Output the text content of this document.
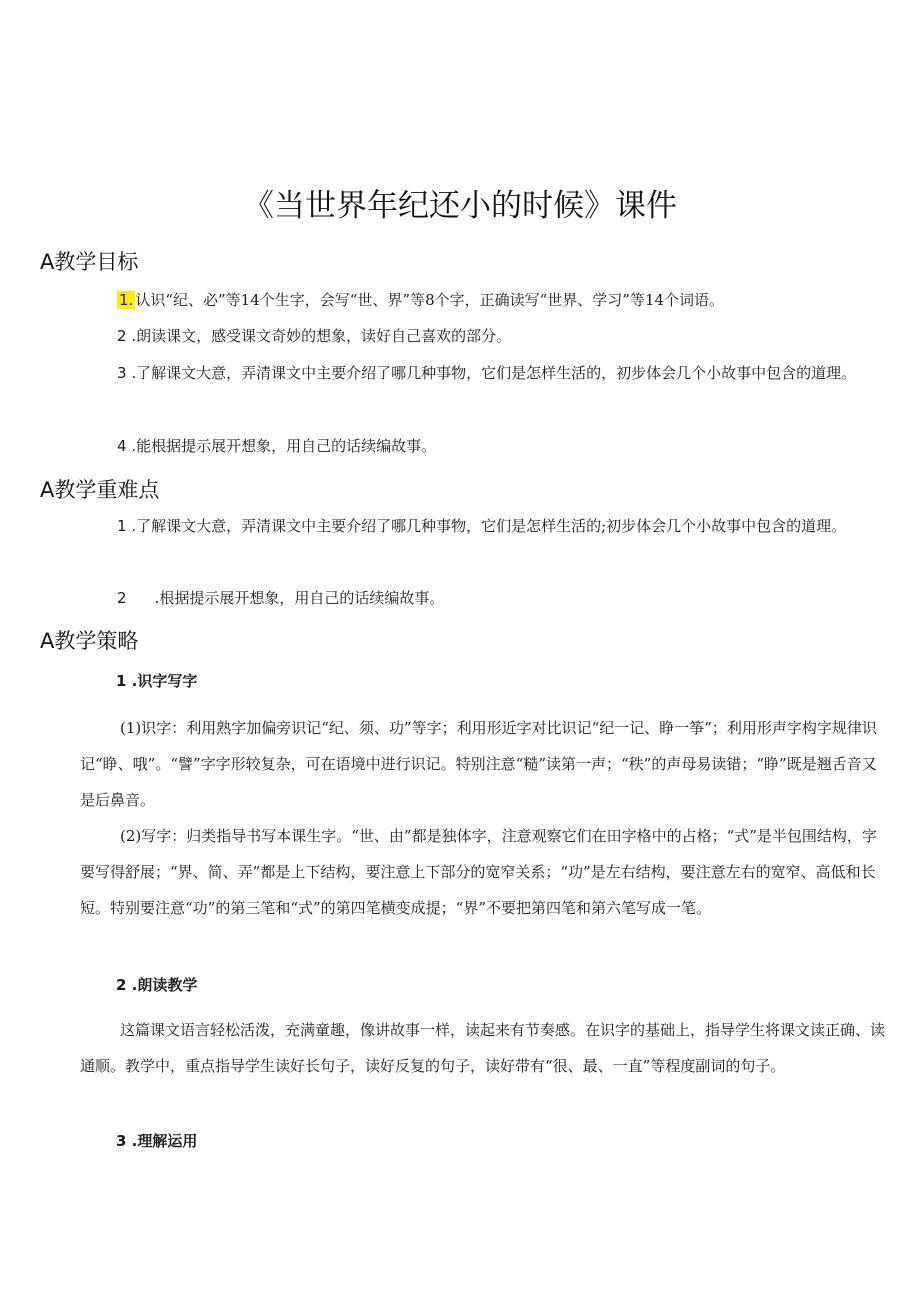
《当世界年纪还小的时候》课件
A教学目标

1. 认识“纪、必”等14个生字，会写“世、界”等8个字，正确读写“世界、学习”等14个词语。

2 .朗读课文，感受课文奇妙的想象，读好自己喜欢的部分。

3 .了解课文大意，弄清课文中主要介绍了哪几种事物，它们是怎样生活的，初步体会几个小故事中包含的道理。

4 .能根据提示展开想象，用自己的话续编故事。

A教学重难点

1 .了解课文大意，弄清课文中主要介绍了哪几种事物，它们是怎样生活的;初步体会几个小故事中包含的道理。

2 .根据提示展开想象，用自己的话续编故事。

A教学策略
1 .识字写字

(1)识字：利用熟字加偏旁识记“纪、须、功”等字；利用形近字对比识记“纪一记、睁一筝”；利用形声字构字规律识记“睁、哦”。“譬”字字形较复杂，可在语境中进行识记。特别注意“糙”读第一声；“秩”的声母易读错；“睁”既是翘舌音又是后鼻音。

(2)写字：归类指导书写本课生字。“世、由”都是独体字，注意观察它们在田字格中的占格；“式”是半包围结构，字要写得舒展；“界、简、弄”都是上下结构，要注意上下部分的宽窄关系；“功”是左右结构，要注意左右的宽窄、高低和长短。特别要注意“功”的第三笔和“式”的第四笔横变成提；“界”不要把第四笔和第六笔写成一笔。

2 .朗读教学

这篇课文语言轻松活泼，充满童趣，像讲故事一样，读起来有节奏感。在识字的基础上，指导学生将课文读正确、读通顺。教学中，重点指导学生读好长句子，读好反复的句子，读好带有“很、最、一直”等程度副词的句子。

3 .理解运用
